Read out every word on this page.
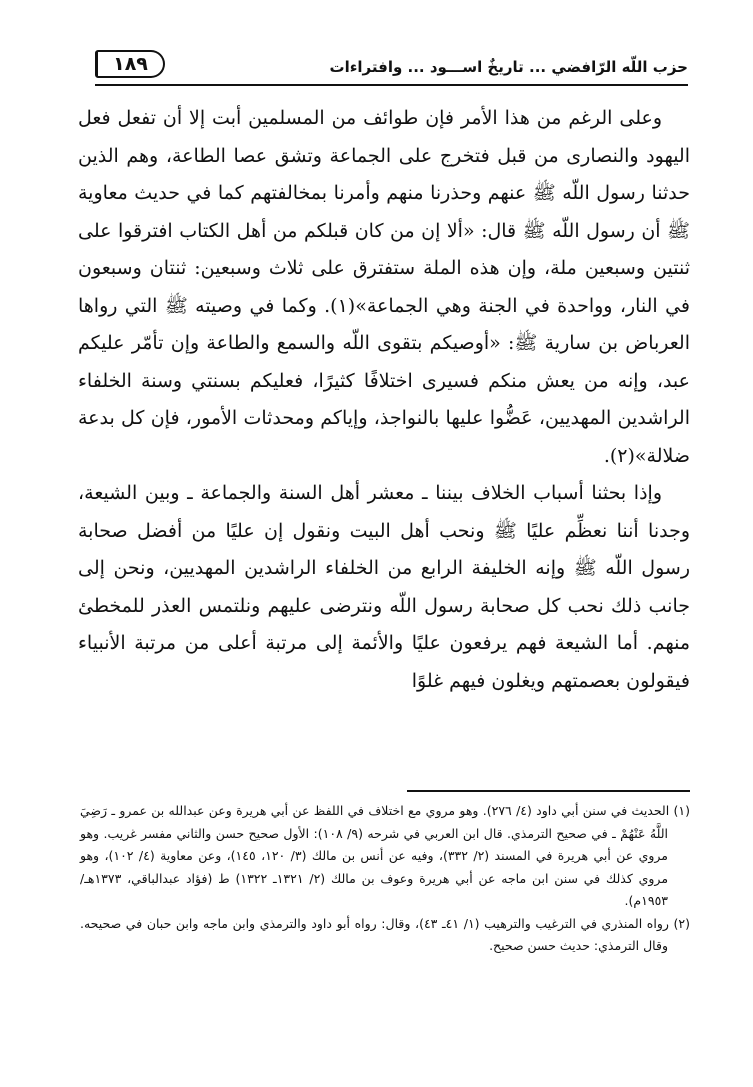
حزب اللّه الرّافضي ... تاريخٌ اســـود ... وافتراءات
١٨٩

وعلى الرغم من هذا الأمر فإن طوائف من المسلمين أبت إلا أن تفعل فعل اليهود والنصارى من قبل فتخرج على الجماعة وتشق عصا الطاعة، وهم الذين حدثنا رسول اللّه ﷺ عنهم وحذرنا منهم وأمرنا بمخالفتهم كما في حديث معاوية ﷺ أن رسول اللّه ﷺ قال: «ألا إن من كان قبلكم من أهل الكتاب افترقوا على ثنتين وسبعين ملة، وإن هذه الملة ستفترق على ثلاث وسبعين: ثنتان وسبعون في النار، وواحدة في الجنة وهي الجماعة»(١). وكما في وصيته ﷺ التي رواها العرباض بن سارية ﷺ: «أوصيكم بتقوى اللّه والسمع والطاعة وإن تأمّر عليكم عبد، وإنه من يعش منكم فسيرى اختلافًا كثيرًا، فعليكم بسنتي وسنة الخلفاء الراشدين المهديين، عَضُّوا عليها بالنواجذ، وإياكم ومحدثات الأمور، فإن كل بدعة ضلالة»(٢).

وإذا بحثنا أسباب الخلاف بيننا ـ معشر أهل السنة والجماعة ـ وبين الشيعة، وجدنا أننا نعظِّم عليًا ﷺ ونحب أهل البيت ونقول إن عليًا من أفضل صحابة رسول اللّه ﷺ وإنه الخليفة الرابع من الخلفاء الراشدين المهديين، ونحن إلى جانب ذلك نحب كل صحابة رسول اللّه ونترضى عليهم ونلتمس العذر للمخطئ منهم. أما الشيعة فهم يرفعون عليًا والأئمة إلى مرتبة أعلى من مرتبة الأنبياء فيقولون بعصمتهم ويغلون فيهم غلوًا

(١) الحديث في سنن أبي داود (٤/ ٢٧٦). وهو مروي مع اختلاف في اللفظ عن أبي هريرة وعن عبدالله بن عمرو ـ رَضِيَ اللَّهُ عَنْهُمْ ـ في صحيح الترمذي. قال ابن العربي في شرحه (٩/ ١٠٨): الأول صحيح حسن والثاني مفسر غريب. وهو مروي عن أبي هريرة في المسند (٢/ ٣٣٢)، وفيه عن أنس بن مالك (٣/ ١٢٠، ١٤٥)، وعن معاوية (٤/ ١٠٢)، وهو مروي كذلك في سنن ابن ماجه عن أبي هريرة وعوف بن مالك (٢/ ١٣٢١ـ ١٣٢٢) ط (فؤاد عبدالباقي، ١٣٧٣هـ/ ١٩٥٣م).

(٢) رواه المنذري في الترغيب والترهيب (١/ ٤١ـ ٤٣)، وقال: رواه أبو داود والترمذي وابن ماجه وابن حبان في صحيحه. وقال الترمذي: حديث حسن صحيح.
